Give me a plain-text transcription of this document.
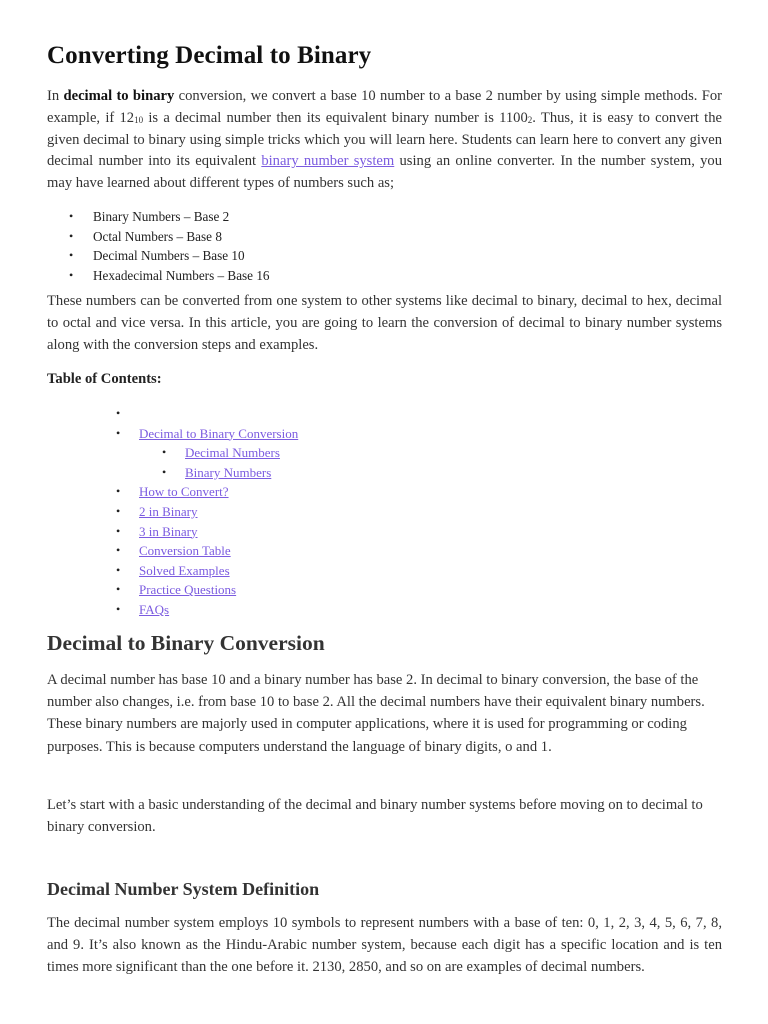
Converting Decimal to Binary

In decimal to binary conversion, we convert a base 10 number to a base 2 number by using simple methods. For example, if $12_{10}$ is a decimal number then its equivalent binary number is $1100_2$. Thus, it is easy to convert the given decimal to binary using simple tricks which you will learn here. Students can learn here to convert any given decimal number into its equivalent binary number system using an online converter. In the number system, you may have learned about different types of numbers such as;

• Binary Numbers – Base 2
• Octal Numbers – Base 8
• Decimal Numbers – Base 10
• Hexadecimal Numbers – Base 16

These numbers can be converted from one system to other systems like decimal to binary, decimal to hex, decimal to octal and vice versa. In this article, you are going to learn the conversion of decimal to binary number systems along with the conversion steps and examples.

Table of Contents:

•
• Decimal to Binary Conversion
• Decimal Numbers
• Binary Numbers
• How to Convert?
• 2 in Binary
• 3 in Binary
• Conversion Table
• Solved Examples
• Practice Questions
• FAQs
Decimal to Binary Conversion

A decimal number has base 10 and a binary number has base 2. In decimal to binary conversion, the base of the number also changes, i.e. from base 10 to base 2. All the decimal numbers have their equivalent binary numbers. These binary numbers are majorly used in computer applications, where it is used for programming or coding purposes. This is because computers understand the language of binary digits, o and 1.

Let’s start with a basic understanding of the decimal and binary number systems before moving on to decimal to binary conversion.

Decimal Number System Definition

The decimal number system employs 10 symbols to represent numbers with a base of ten: 0, 1, 2, 3, 4, 5, 6, 7, 8, and 9. It’s also known as the Hindu-Arabic number system, because each digit has a specific location and is ten times more significant than the one before it. 2130, 2850, and so on are examples of decimal numbers.
